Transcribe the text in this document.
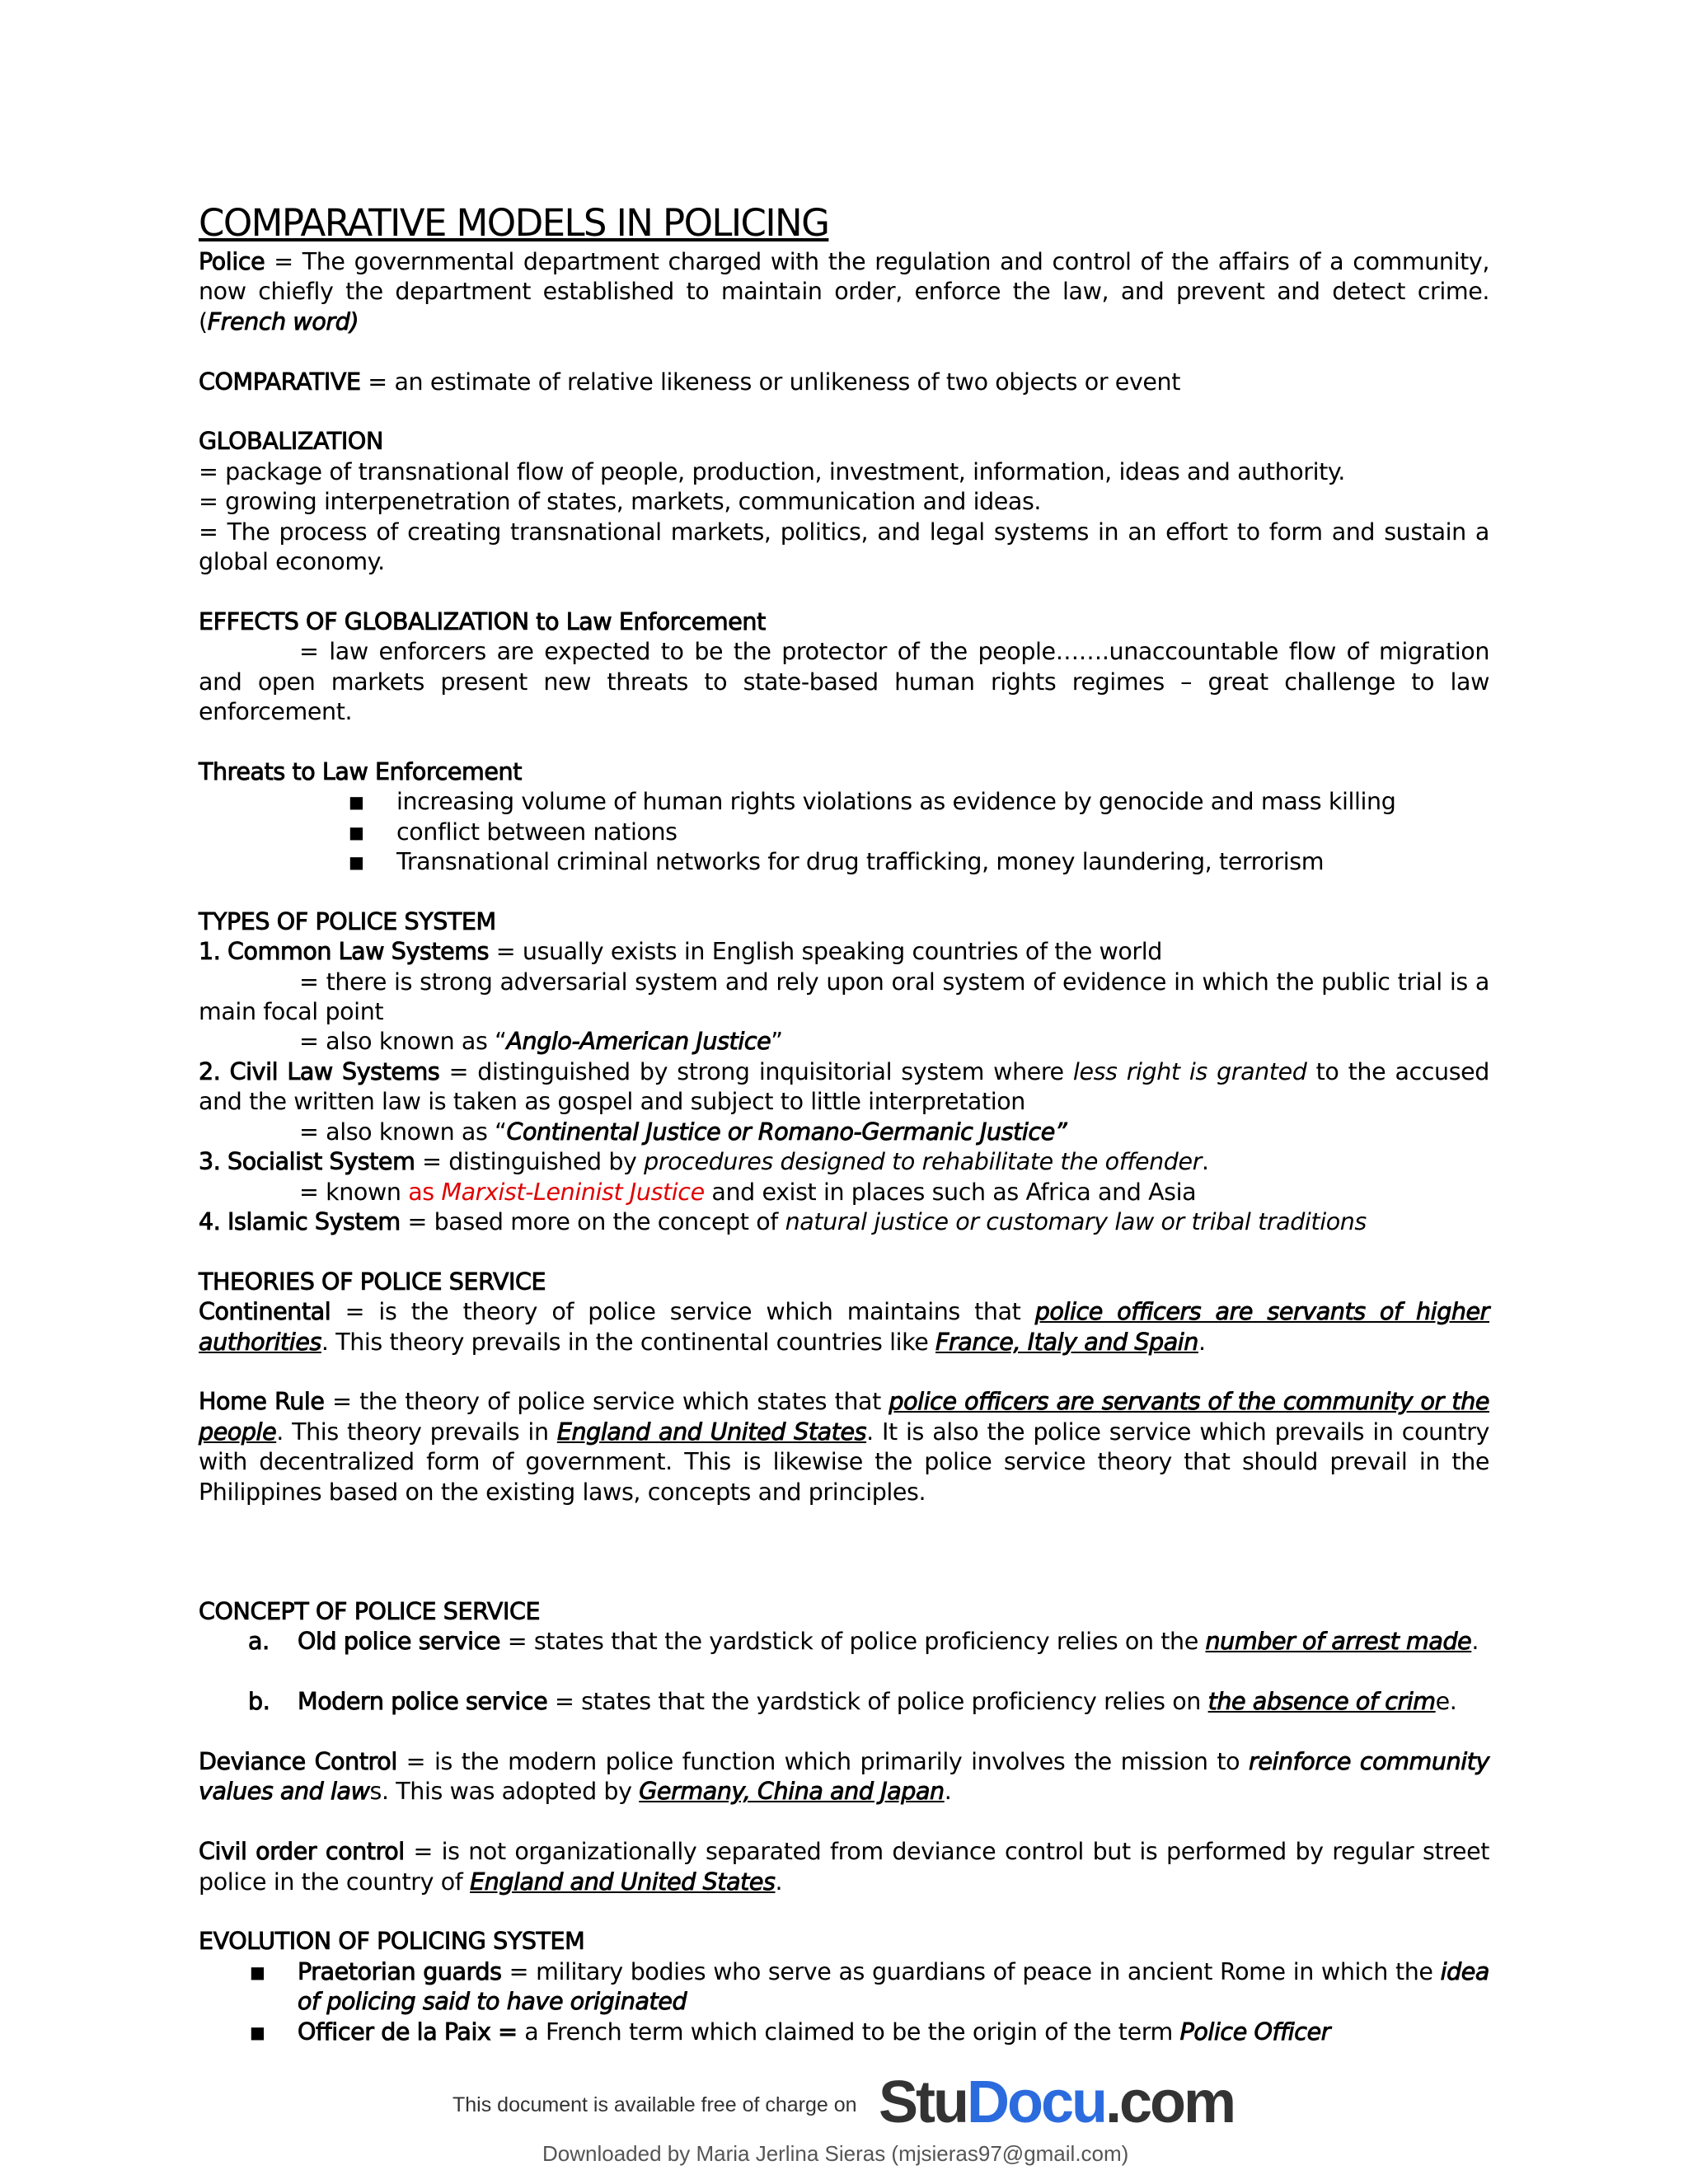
COMPARATIVE MODELS IN POLICING

Police = The governmental department charged with the regulation and control of the affairs of a community, now chiefly the department established to maintain order, enforce the law, and prevent and detect crime. (French word)

COMPARATIVE = an estimate of relative likeness or unlikeness of two objects or event

GLOBALIZATION

= package of transnational flow of people, production, investment, information, ideas and authority.

= growing interpenetration of states, markets, communication and ideas.

= The process of creating transnational markets, politics, and legal systems in an effort to form and sustain a global economy.

EFFECTS OF GLOBALIZATION to Law Enforcement

= law enforcers are expected to be the protector of the people…….unaccountable flow of migration and open markets present new threats to state-based human rights regimes – great challenge to law enforcement.

Threats to Law Enforcement

■ increasing volume of human rights violations as evidence by genocide and mass killing
■ conflict between nations
■ Transnational criminal networks for drug trafficking, money laundering, terrorism

TYPES OF POLICE SYSTEM

1. Common Law Systems = usually exists in English speaking countries of the world

= there is strong adversarial system and rely upon oral system of evidence in which the public trial is a main focal point

= also known as “Anglo-American Justice”

2. Civil Law Systems = distinguished by strong inquisitorial system where less right is granted to the accused and the written law is taken as gospel and subject to little interpretation

= also known as “Continental Justice or Romano-Germanic Justice”

3. Socialist System = distinguished by procedures designed to rehabilitate the offender.

= known as Marxist-Leninist Justice and exist in places such as Africa and Asia

4. Islamic System = based more on the concept of natural justice or customary law or tribal traditions

THEORIES OF POLICE SERVICE

Continental = is the theory of police service which maintains that police officers are servants of higher authorities. This theory prevails in the continental countries like France, Italy and Spain.

Home Rule = the theory of police service which states that police officers are servants of the community or the people. This theory prevails in England and United States. It is also the police service which prevails in country with decentralized form of government. This is likewise the police service theory that should prevail in the Philippines based on the existing laws, concepts and principles.

CONCEPT OF POLICE SERVICE

a. Old police service = states that the yardstick of police proficiency relies on the number of arrest made.
b. Modern police service = states that the yardstick of police proficiency relies on the absence of crime.

Deviance Control = is the modern police function which primarily involves the mission to reinforce community values and laws. This was adopted by Germany, China and Japan.

Civil order control = is not organizationally separated from deviance control but is performed by regular street police in the country of England and United States.

EVOLUTION OF POLICING SYSTEM

■ Praetorian guards = military bodies who serve as guardians of peace in ancient Rome in which the idea of policing said to have originated
■ Officer de la Paix = a French term which claimed to be the origin of the term Police Officer
This document is available free of charge on StuDocu.com
Downloaded by Maria Jerlina Sieras (mjsieras97@gmail.com)
